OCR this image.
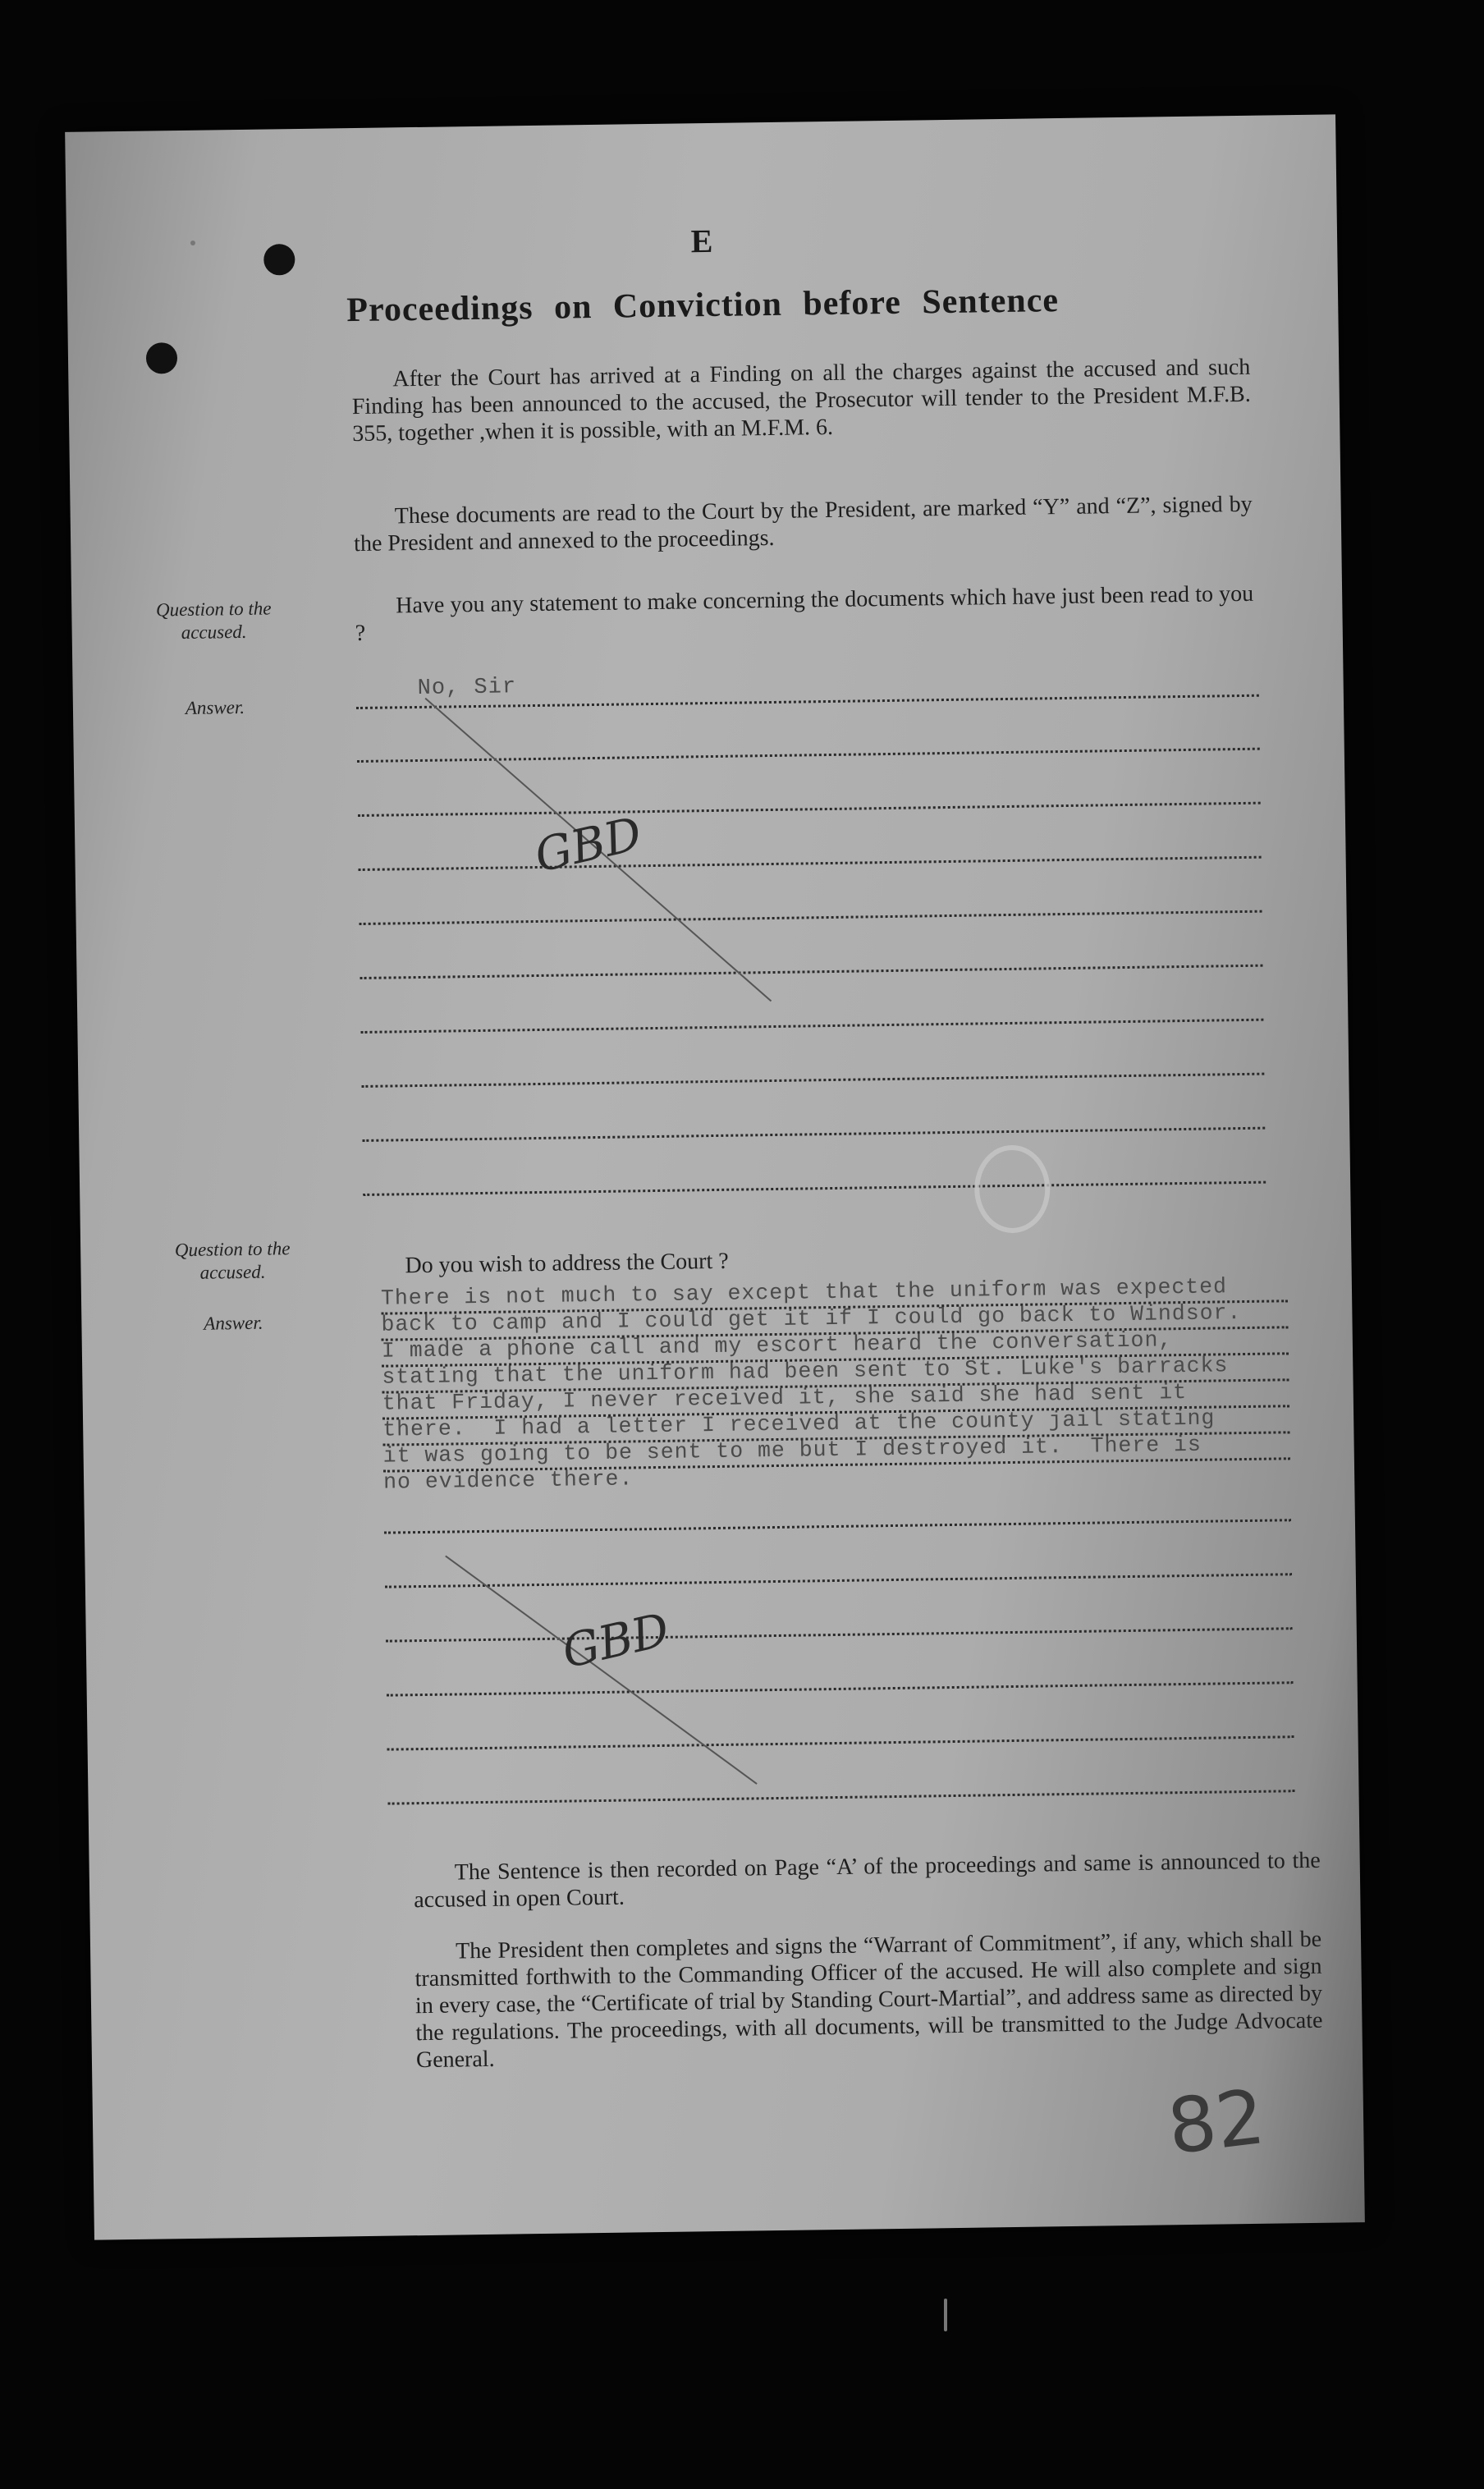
E
Proceedings on Conviction before Sentence
After the Court has arrived at a Finding on all the charges against the accused and such Finding has been announced to the accused, the Prosecutor will tender to the President M.F.B. 355, together ,when it is possible, with an M.F.M. 6.
These documents are read to the Court by the President, are marked “Y” and “Z”, signed by the President and annexed to the proceedings.
Question to the accused.
Have you any statement to make concerning the documents which have just been read to you ?
Answer.
No, Sir
GBD
Question to the accused.	Do you wish to address the Court ?
Answer.
There is not much to say except that the uniform was expected
back to camp and I could get it if I could go back to Windsor.
I made a phone call and my escort heard the conversation,
stating that the uniform had been sent to St. Luke's barracks
that Friday, I never received it, she said she had sent it
there.  I had a letter I received at the county jail stating
it was going to be sent to me but I destroyed it.  There is
no evidence there.
GBD
The Sentence is then recorded on Page “A’ of the proceedings and same is announced to the accused in open Court.
The President then completes and signs the “Warrant of Commitment”, if any, which shall be transmitted forthwith to the Commanding Officer of the accused. He will also complete and sign in every case, the “Certificate of trial by Standing Court-Martial”, and address same as directed by the regulations. The proceedings, with all documents, will be transmitted to the Judge Advocate General.
82
